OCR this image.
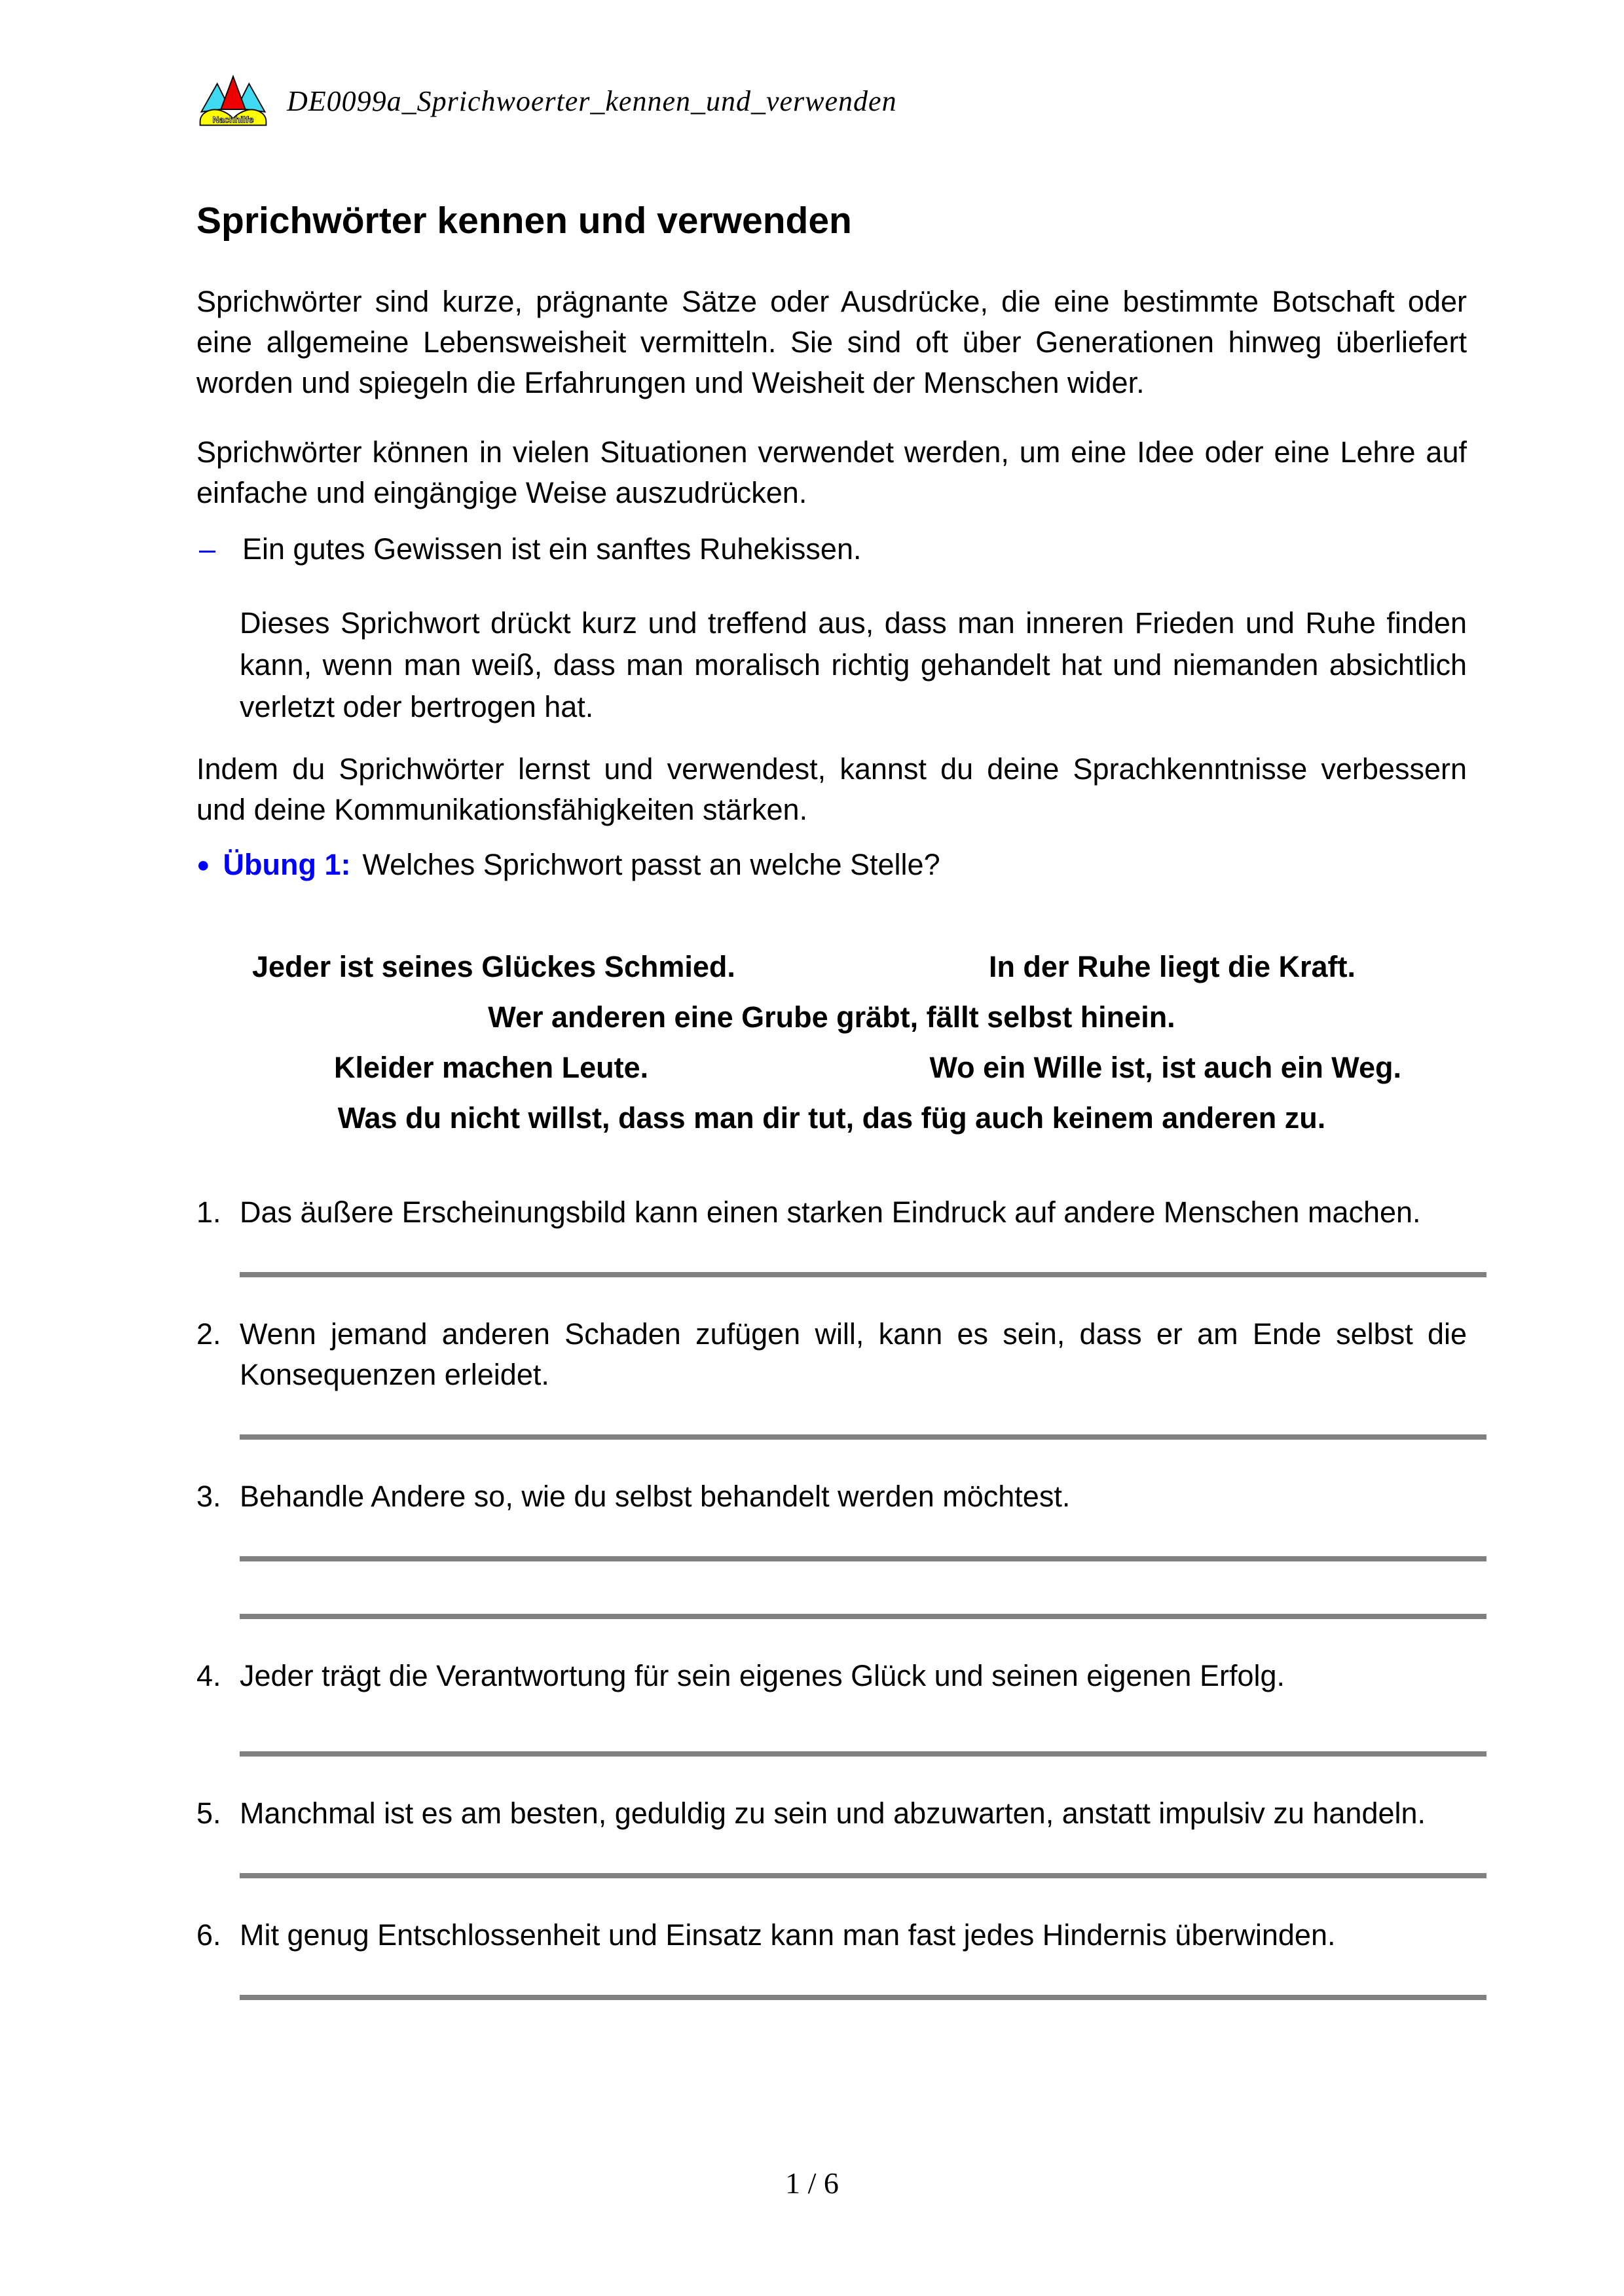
Nachhilfe
DE0099a_Sprichwoerter_kennen_und_verwenden
Sprichwörter kennen und verwenden

Sprichwörter sind kurze, prägnante Sätze oder Ausdrücke, die eine bestimmte Botschaft oder eine allgemeine Lebensweisheit vermitteln. Sie sind oft über Generationen hinweg überliefert worden und spiegeln die Erfahrungen und Weisheit der Menschen wider.

Sprichwörter können in vielen Situationen verwendet werden, um eine Idee oder eine Lehre auf einfache und eingängige Weise auszudrücken.

– Ein gutes Gewissen ist ein sanftes Ruhekissen.

Dieses Sprichwort drückt kurz und treffend aus, dass man inneren Frieden und Ruhe finden kann, wenn man weiß, dass man moralisch richtig gehandelt hat und niemanden absichtlich verletzt oder bertrogen hat.

Indem du Sprichwörter lernst und verwendest, kannst du deine Sprachkenntnisse verbessern und deine Kommunikationsfähigkeiten stärken.

● Übung 1: Welches Sprichwort passt an welche Stelle?
Jeder ist seines Glückes Schmied.	In der Ruhe liegt die Kraft.
Wer anderen eine Grube gräbt, fällt selbst hinein.
Kleider machen Leute.	Wo ein Wille ist, ist auch ein Weg.
Was du nicht willst, dass man dir tut, das füg auch keinem anderen zu.
1. Das äußere Erscheinungsbild kann einen starken Eindruck auf andere Menschen machen.
2. Wenn jemand anderen Schaden zufügen will, kann es sein, dass er am Ende selbst die Konsequenzen erleidet.
3. Behandle Andere so, wie du selbst behandelt werden möchtest.
4. Jeder trägt die Verantwortung für sein eigenes Glück und seinen eigenen Erfolg.
5. Manchmal ist es am besten, geduldig zu sein und abzuwarten, anstatt impulsiv zu handeln.
6. Mit genug Entschlossenheit und Einsatz kann man fast jedes Hindernis überwinden.
1 / 6
